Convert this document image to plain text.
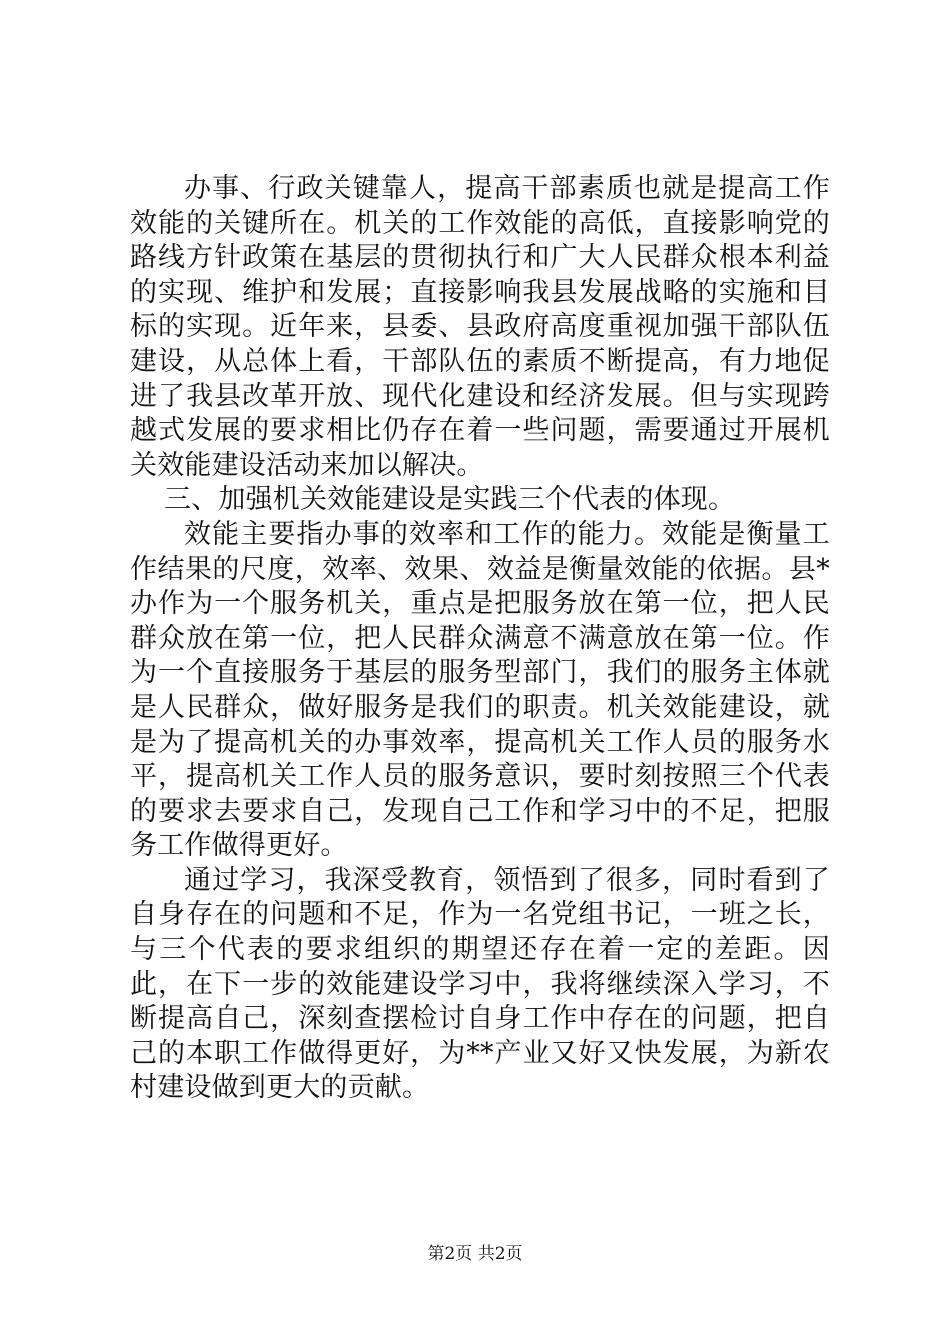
办事、行政关键靠人，提高干部素质也就是提高工作效能的关键所在。机关的工作效能的高低，直接影响党的路线方针政策在基层的贯彻执行和广大人民群众根本利益的实现、维护和发展；直接影响我县发展战略的实施和目标的实现。近年来，县委、县政府高度重视加强干部队伍建设，从总体上看，干部队伍的素质不断提高，有力地促进了我县改革开放、现代化建设和经济发展。但与实现跨越式发展的要求相比仍存在着一些问题，需要通过开展机关效能建设活动来加以解决。

三、加强机关效能建设是实践三个代表的体现。

效能主要指办事的效率和工作的能力。效能是衡量工作结果的尺度，效率、效果、效益是衡量效能的依据。县*办作为一个服务机关，重点是把服务放在第一位，把人民群众放在第一位，把人民群众满意不满意放在第一位。作为一个直接服务于基层的服务型部门，我们的服务主体就是人民群众，做好服务是我们的职责。机关效能建设，就是为了提高机关的办事效率，提高机关工作人员的服务水平，提高机关工作人员的服务意识，要时刻按照三个代表的要求去要求自己，发现自己工作和学习中的不足，把服务工作做得更好。

通过学习，我深受教育，领悟到了很多，同时看到了自身存在的问题和不足，作为一名党组书记，一班之长，与三个代表的要求组织的期望还存在着一定的差距。因此，在下一步的效能建设学习中，我将继续深入学习，不断提高自己，深刻查摆检讨自身工作中存在的问题，把自己的本职工作做得更好，为**产业又好又快发展，为新农村建设做到更大的贡献。

第2页 共2页
